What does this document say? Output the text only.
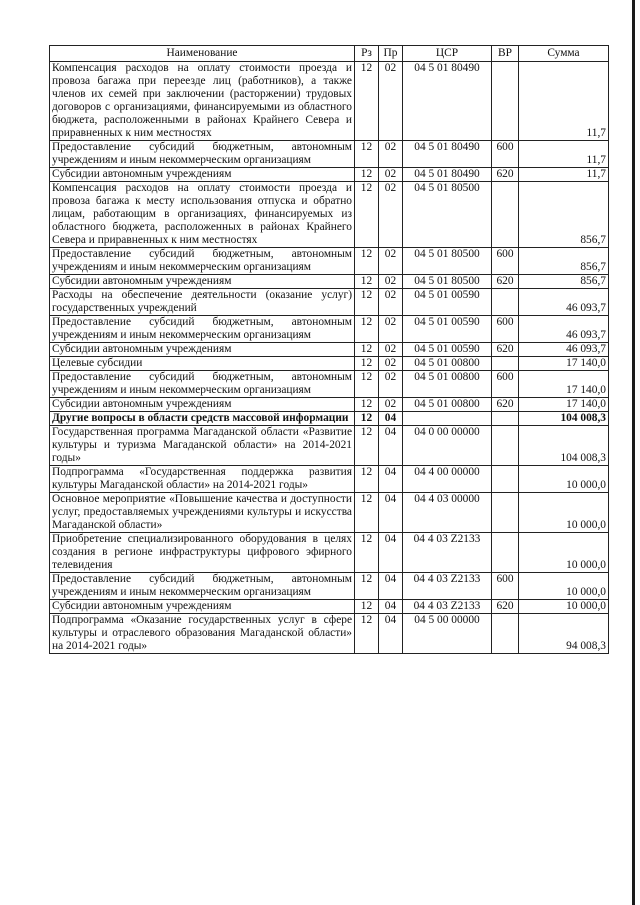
Наименование	Рз	Пр	ЦСР	ВР	Сумма
Компенсация расходов на оплату стоимости проезда и провоза багажа при переезде лиц (работников), а также членов их семей при заключении (расторжении) трудовых договоров с организациями, финансируемыми из областного бюджета, расположенными в районах Крайнего Севера и приравненных к ним местностях	12	02	04 5 01 80490		11,7
Предоставление субсидий бюджетным, автономным учреждениям и иным некоммерческим организациям	12	02	04 5 01 80490	600	11,7
Субсидии автономным учреждениям	12	02	04 5 01 80490	620	11,7
Компенсация расходов на оплату стоимости проезда и провоза багажа к месту использования отпуска и обратно лицам, работающим в организациях, финансируемых из областного бюджета, расположенных в районах Крайнего Севера и приравненных к ним местностях	12	02	04 5 01 80500		856,7
Предоставление субсидий бюджетным, автономным учреждениям и иным некоммерческим организациям	12	02	04 5 01 80500	600	856,7
Субсидии автономным учреждениям	12	02	04 5 01 80500	620	856,7
Расходы на обеспечение деятельности (оказание услуг) государственных учреждений	12	02	04 5 01 00590		46 093,7
Предоставление субсидий бюджетным, автономным учреждениям и иным некоммерческим организациям	12	02	04 5 01 00590	600	46 093,7
Субсидии автономным учреждениям	12	02	04 5 01 00590	620	46 093,7
Целевые субсидии	12	02	04 5 01 00800		17 140,0
Предоставление субсидий бюджетным, автономным учреждениям и иным некоммерческим организациям	12	02	04 5 01 00800	600	17 140,0
Субсидии автономным учреждениям	12	02	04 5 01 00800	620	17 140,0
Другие вопросы в области средств массовой информации	12	04			104 008,3
Государственная программа Магаданской области «Развитие культуры и туризма Магаданской области» на 2014-2021 годы»	12	04	04 0 00 00000		104 008,3
Подпрограмма «Государственная поддержка развития культуры Магаданской области» на 2014-2021 годы»	12	04	04 4 00 00000		10 000,0
Основное мероприятие «Повышение качества и доступности услуг, предоставляемых учреждениями культуры и искусства Магаданской области»	12	04	04 4 03 00000		10 000,0
Приобретение специализированного оборудования в целях создания в регионе инфраструктуры цифрового эфирного телевидения	12	04	04 4 03 Z2133		10 000,0
Предоставление субсидий бюджетным, автономным учреждениям и иным некоммерческим организациям	12	04	04 4 03 Z2133	600	10 000,0
Субсидии автономным учреждениям	12	04	04 4 03 Z2133	620	10 000,0
Подпрограмма «Оказание государственных услуг в сфере культуры и отраслевого образования Магаданской области» на 2014-2021 годы»	12	04	04 5 00 00000		94 008,3
